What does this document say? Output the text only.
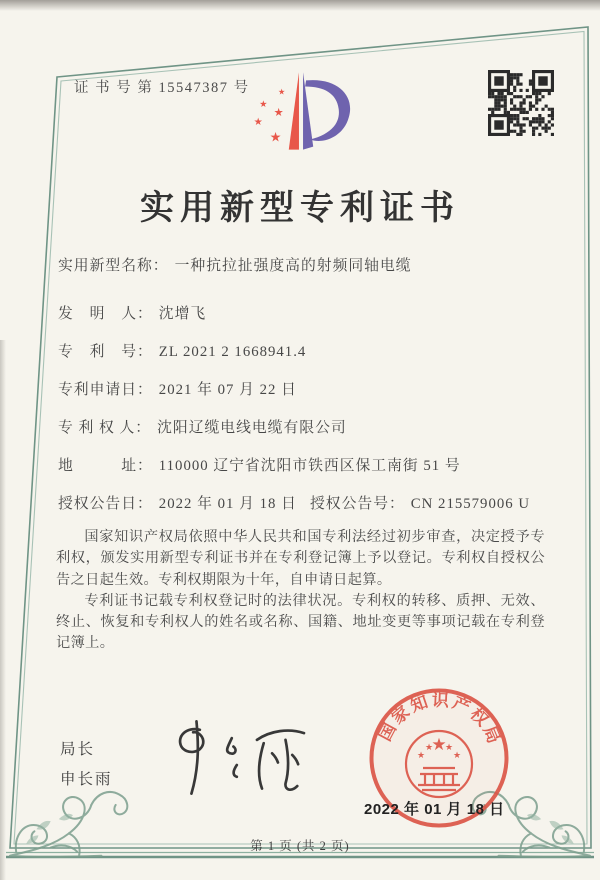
证 书 号 第 15547387 号	★
★
★
★
★
实用新型专利证书
实用新型名称： 一种抗拉扯强度高的射频同轴电缆
发　明　人： 沈增飞
专　利　号： ZL 2021 2 1668941.4
专利申请日： 2021 年 07 月 22 日
专 利 权 人： 沈阳辽缆电线电缆有限公司
地　　　址： 110000 辽宁省沈阳市铁西区保工南街 51 号
授权公告日： 2022 年 01 月 18 日 授权公告号： CN 215579006 U

国家知识产权局依照中华人民共和国专利法经过初步审查，决定授予专利权，颁发实用新型专利证书并在专利登记簿上予以登记。专利权自授权公告之日起生效。专利权期限为十年，自申请日起算。

专利证书记载专利权登记时的法律状况。专利权的转移、质押、无效、终止、恢复和专利权人的姓名或名称、国籍、地址变更等事项记载在专利登记簿上。

局长
申长雨
国家知识产权局
★
★
★ ★
★
2022 年 01 月 18 日
第 1 页 (共 2 页)
